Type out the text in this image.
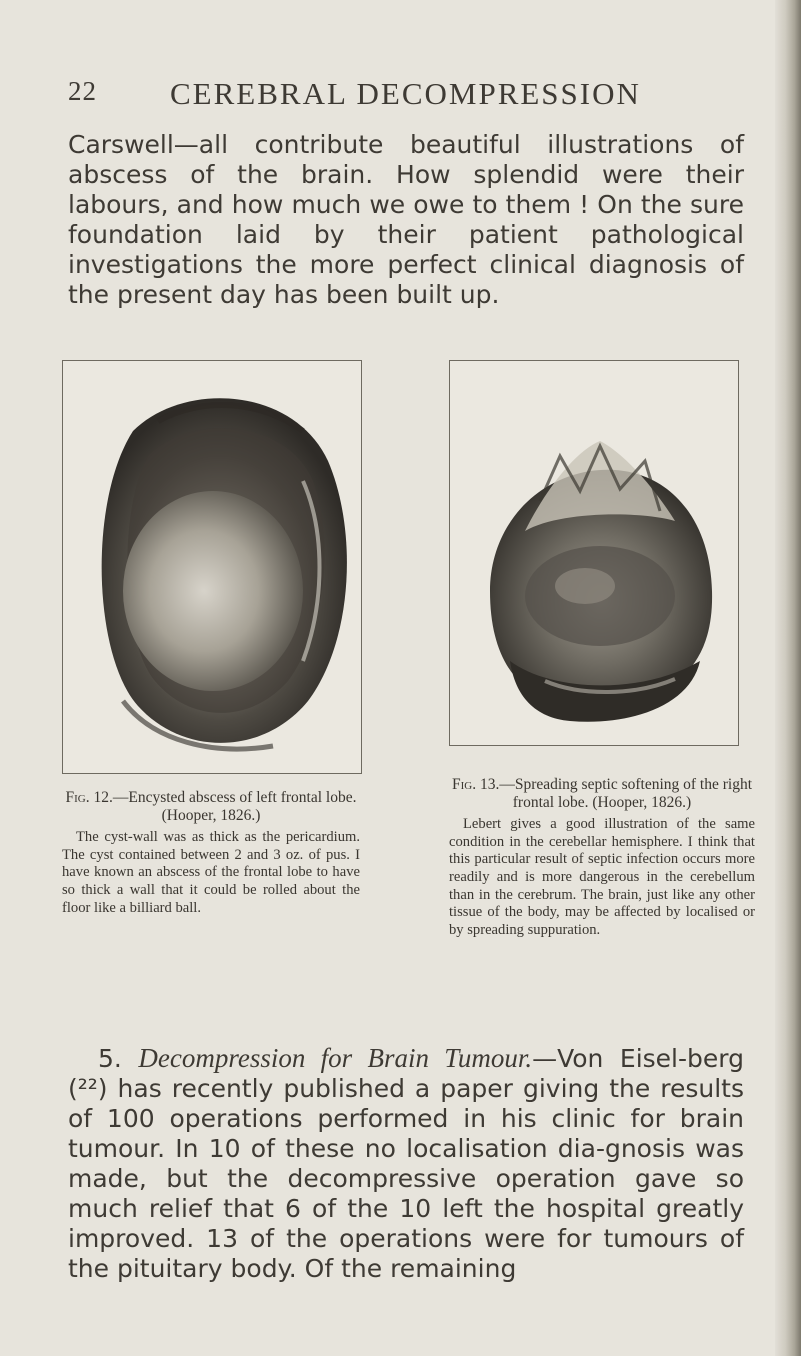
22 CEREBRAL DECOMPRESSION

Carswell—all contribute beautiful illustrations of abscess of the brain. How splendid were their labours, and how much we owe to them ! On the sure foundation laid by their patient pathological investigations the more perfect clinical diagnosis of the present day has been built up.

Fig. 12.—Encysted abscess of left frontal lobe. (Hooper, 1826.)

The cyst-wall was as thick as the pericardium. The cyst contained between 2 and 3 oz. of pus. I have known an abscess of the frontal lobe to have so thick a wall that it could be rolled about the floor like a billiard ball.

Fig. 13.—Spreading septic softening of the right frontal lobe. (Hooper, 1826.)

Lebert gives a good illustration of the same condition in the cerebellar hemisphere. I think that this particular result of septic infection occurs more readily and is more dangerous in the cerebellum than in the cerebrum. The brain, just like any other tissue of the body, may be affected by localised or by spreading suppuration.

5. Decompression for Brain Tumour.—Von Eisel-berg (²²) has recently published a paper giving the results of 100 operations performed in his clinic for brain tumour. In 10 of these no localisation dia-gnosis was made, but the decompressive operation gave so much relief that 6 of the 10 left the hospital greatly improved. 13 of the operations were for tumours of the pituitary body. Of the remaining
